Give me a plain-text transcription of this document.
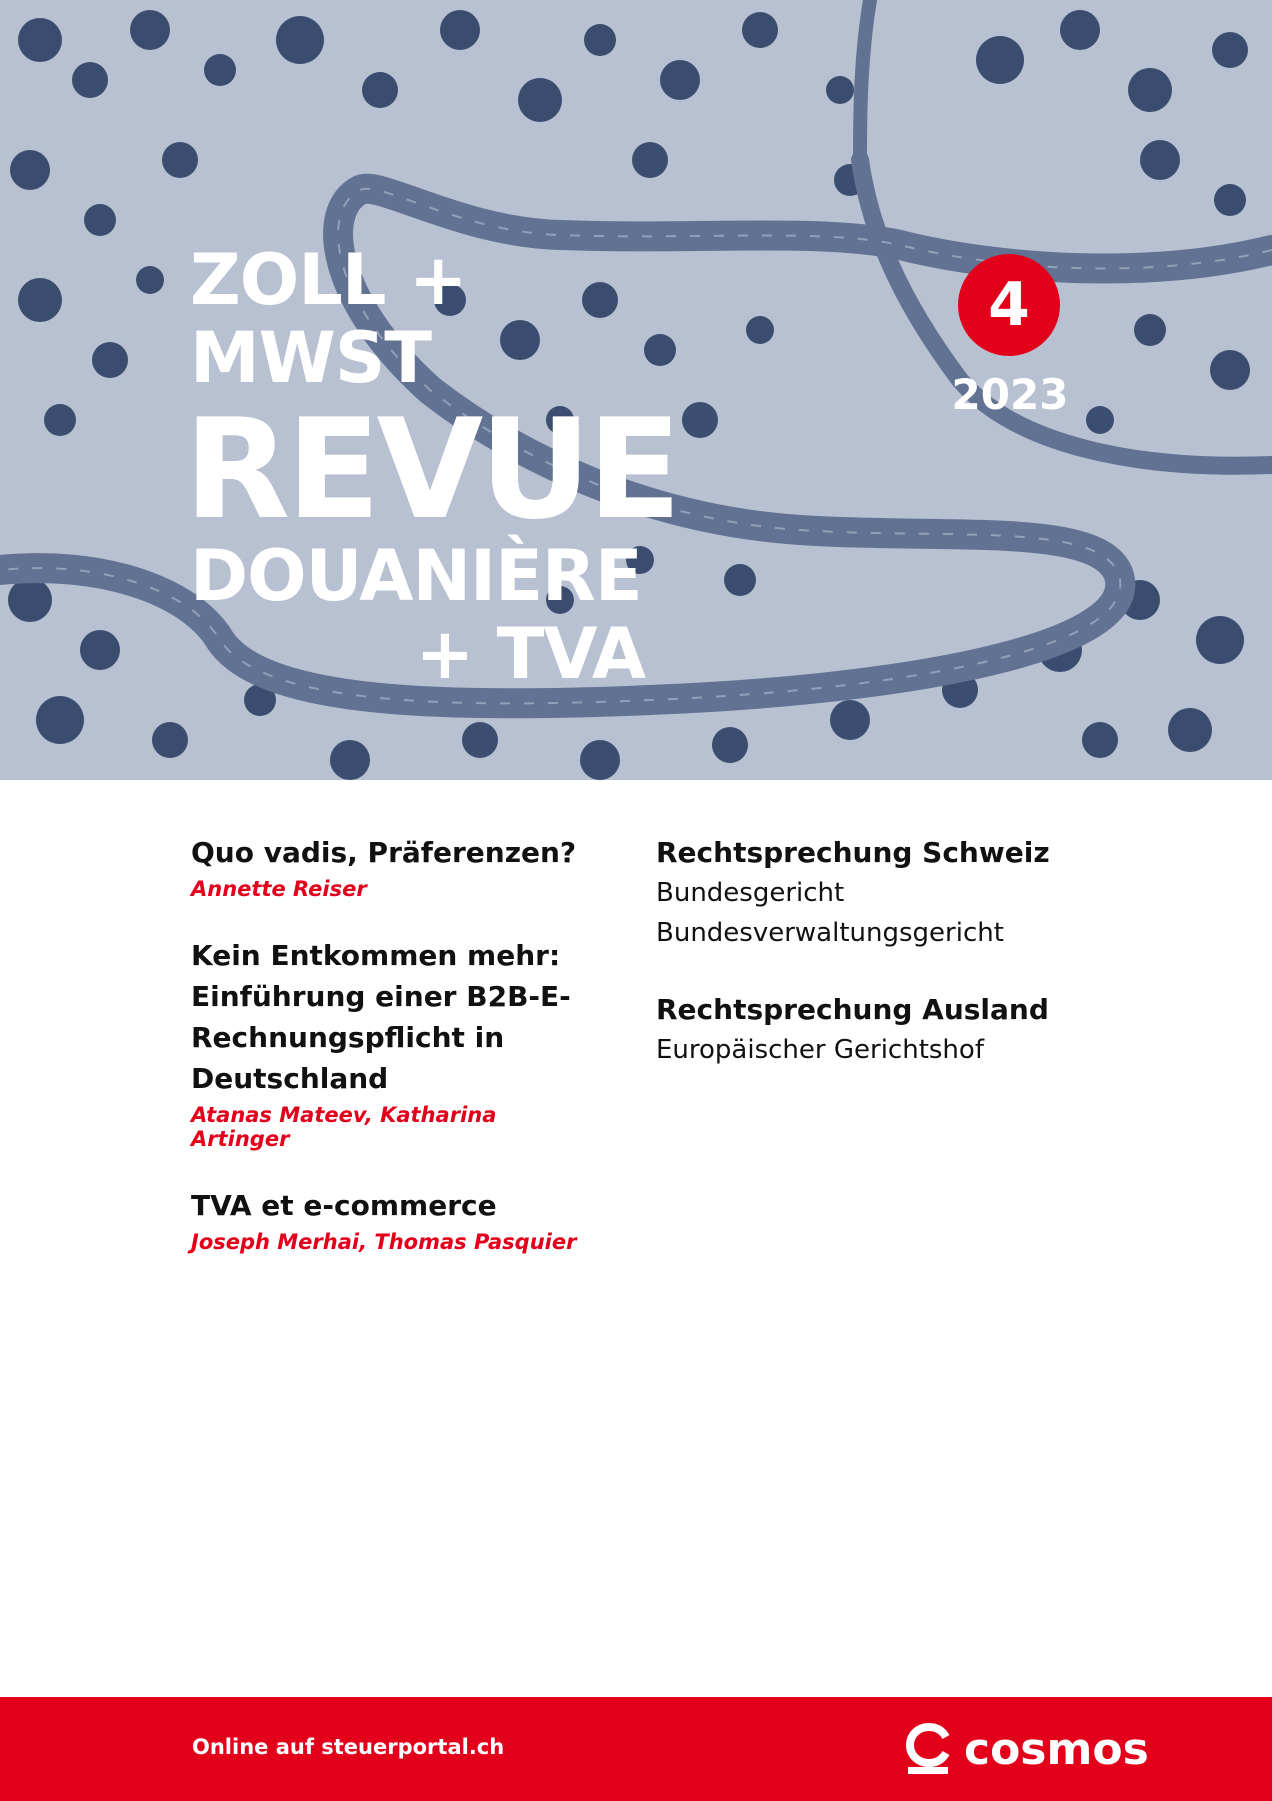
ZOLL +
MWST
REVUE
DOUANIÈRE
+ TVA
4
2023
Quo vadis, Präferenzen?
Annette Reiser
Kein Entkommen mehr: Einführung einer B2B-E-Rechnungspflicht in Deutschland
Atanas Mateev, Katharina Artinger
TVA et e-commerce
Joseph Merhai, Thomas Pasquier
Rechtsprechung Schweiz
Bundesgericht
Bundesverwaltungsgericht
Rechtsprechung Ausland
Europäischer Gerichtshof
Online auf steuerportal.ch	cosmos
